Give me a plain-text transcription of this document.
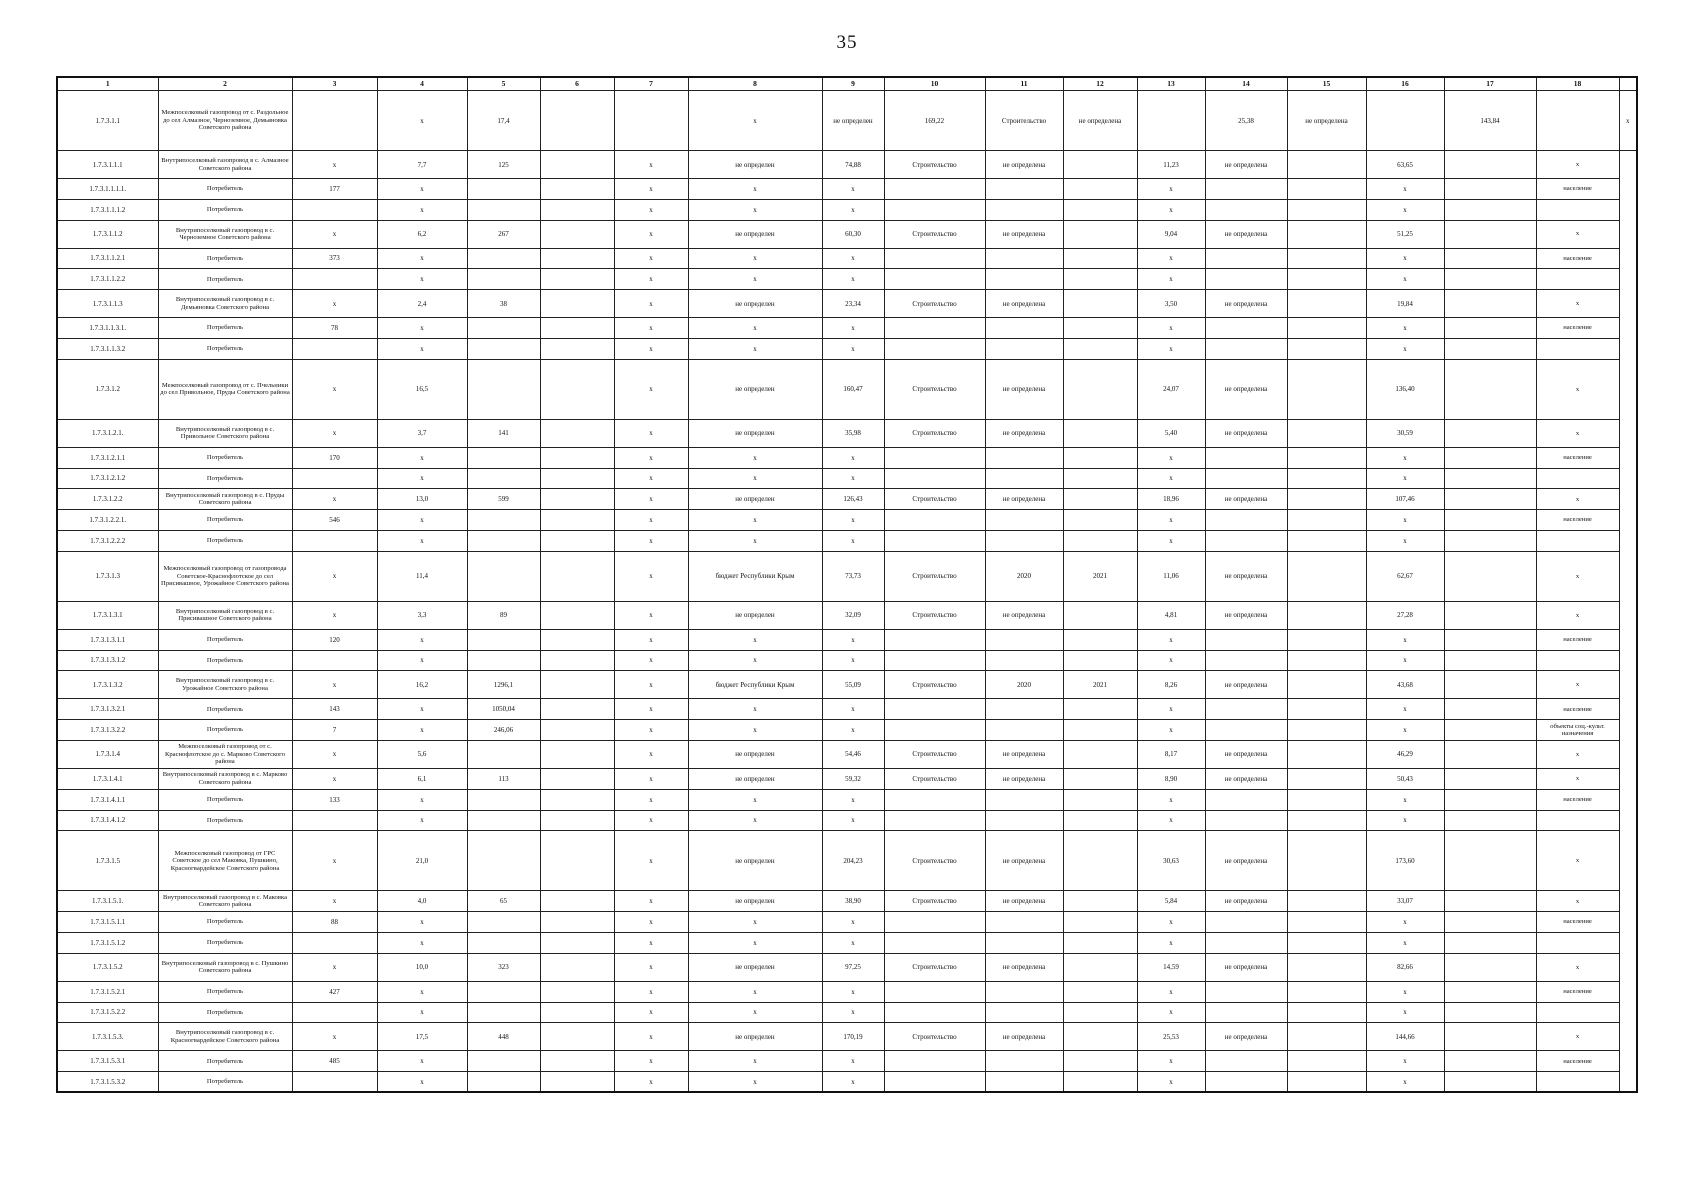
35
1	2	3	4	5	6	7	8	9	10	11	12	13	14	15	16	17	18	
1.7.3.1.1	Межпоселковый газопровод от с. Раздольное до сел Алмазное, Черноземное, Демьяновка Советского района		х	17,4			х	не определен	169,22	Строительство	не определена		25,38	не определена		143,84		х
1.7.3.1.1.1	Внутрипоселковый газопровод в с. Алмазное Советского района	х	7,7	125		х	не определен	74,88	Строительство	не определена		11,23	не определена		63,65		х	
1.7.3.1.1.1.1.	Потребитель	177	х			х	х	х				х			х		население	
1.7.3.1.1.1.2	Потребитель		х			х	х	х				х			х			
1.7.3.1.1.2	Внутрипоселковый газопровод в с. Черноземное Советского района	х	6,2	267		х	не определен	60,30	Строительство	не определена		9,04	не определена		51,25		х	
1.7.3.1.1.2.1	Потребитель	373	х			х	х	х				х			х		население	
1.7.3.1.1.2.2	Потребитель		х			х	х	х				х			х			
1.7.3.1.1.3	Внутрипоселковый газопровод в с. Демьяновка Советского района	х	2,4	38		х	не определен	23,34	Строительство	не определена		3,50	не определена		19,84		х	
1.7.3.1.1.3.1.	Потребитель	78	х			х	х	х				х			х		население	
1.7.3.1.1.3.2	Потребитель		х			х	х	х				х			х			
1.7.3.1.2	Межпоселковый газопровод от с. Пчельники до сел Привольное, Пруды Советского района	х	16,5			х	не определен	160,47	Строительство	не определена		24,07	не определена		136,40		х	
1.7.3.1.2.1.	Внутрипоселковый газопровод в с. Привольное Советского района	х	3,7	141		х	не определен	35,98	Строительство	не определена		5,40	не определена		30,59		х	
1.7.3.1.2.1.1	Потребитель	170	х			х	х	х				х			х		население	
1.7.3.1.2.1.2	Потребитель		х			х	х	х				х			х			
1.7.3.1.2.2	Внутрипоселковый газопровод в с. Пруды Советского района	х	13,0	599		х	не определен	126,43	Строительство	не определена		18,96	не определена		107,46		х	
1.7.3.1.2.2.1.	Потребитель	546	х			х	х	х				х			х		население	
1.7.3.1.2.2.2	Потребитель		х			х	х	х				х			х			
1.7.3.1.3	Межпоселковый газопровод от газопровода Советское-Краснофлотское до сел Присивашное, Урожайное Советского района	х	11,4			х	бюджет Республики Крым	73,73	Строительство	2020	2021	11,06	не определена		62,67		х	
1.7.3.1.3.1	Внутрипоселковый газопровод в с. Присивашное Советского района	х	3,3	89		х	не определен	32,09	Строительство	не определена		4,81	не определена		27,28		х	
1.7.3.1.3.1.1	Потребитель	120	х			х	х	х				х			х		население	
1.7.3.1.3.1.2	Потребитель		х			х	х	х				х			х			
1.7.3.1.3.2	Внутрипоселковый газопровод в с. Урожайное Советского района	х	16,2	1296,1		х	бюджет Республики Крым	55,09	Строительство	2020	2021	8,26	не определена		43,68		х	
1.7.3.1.3.2.1	Потребитель	143	х	1050,04		х	х	х				х			х		население	
1.7.3.1.3.2.2	Потребитель	7	х	246,06		х	х	х				х			х		объекты соц.-культ. назначения	
1.7.3.1.4	Межпоселковый газопровод от с. Краснофлотское до с. Марково Советского района	х	5,6			х	не определен	54,46	Строительство	не определена		8,17	не определена		46,29		х	
1.7.3.1.4.1	Внутрипоселковый газопровод в с. Марково Советского района	х	6,1	113		х	не определен	59,32	Строительство	не определена		8,90	не определена		50,43		х	
1.7.3.1.4.1.1	Потребитель	133	х			х	х	х				х			х		население	
1.7.3.1.4.1.2	Потребитель		х			х	х	х				х			х			
1.7.3.1.5	Межпоселковый газопровод от ГРС Советское до сел Маковка, Пушкино, Красногвардейское Советского района	х	21,0			х	не определен	204,23	Строительство	не определена		30,63	не определена		173,60		х	
1.7.3.1.5.1.	Внутрипоселковый газопровод в с. Маковка Советского района	х	4,0	65		х	не определен	38,90	Строительство	не определена		5,84	не определена		33,07		х	
1.7.3.1.5.1.1	Потребитель	88	х			х	х	х				х			х		население	
1.7.3.1.5.1.2	Потребитель		х			х	х	х				х			х			
1.7.3.1.5.2	Внутрипоселковый газопровод в с. Пушкино Советского района	х	10,0	323		х	не определен	97,25	Строительство	не определена		14,59	не определена		82,66		х	
1.7.3.1.5.2.1	Потребитель	427	х			х	х	х				х			х		население	
1.7.3.1.5.2.2	Потребитель		х			х	х	х				х			х			
1.7.3.1.5.3.	Внутрипоселковый газопровод в с. Красногвардейское Советского района	х	17,5	448		х	не определен	170,19	Строительство	не определена		25,53	не определена		144,66		х	
1.7.3.1.5.3.1	Потребитель	485	х			х	х	х				х			х		население	
1.7.3.1.5.3.2	Потребитель		х			х	х	х				х			х			
